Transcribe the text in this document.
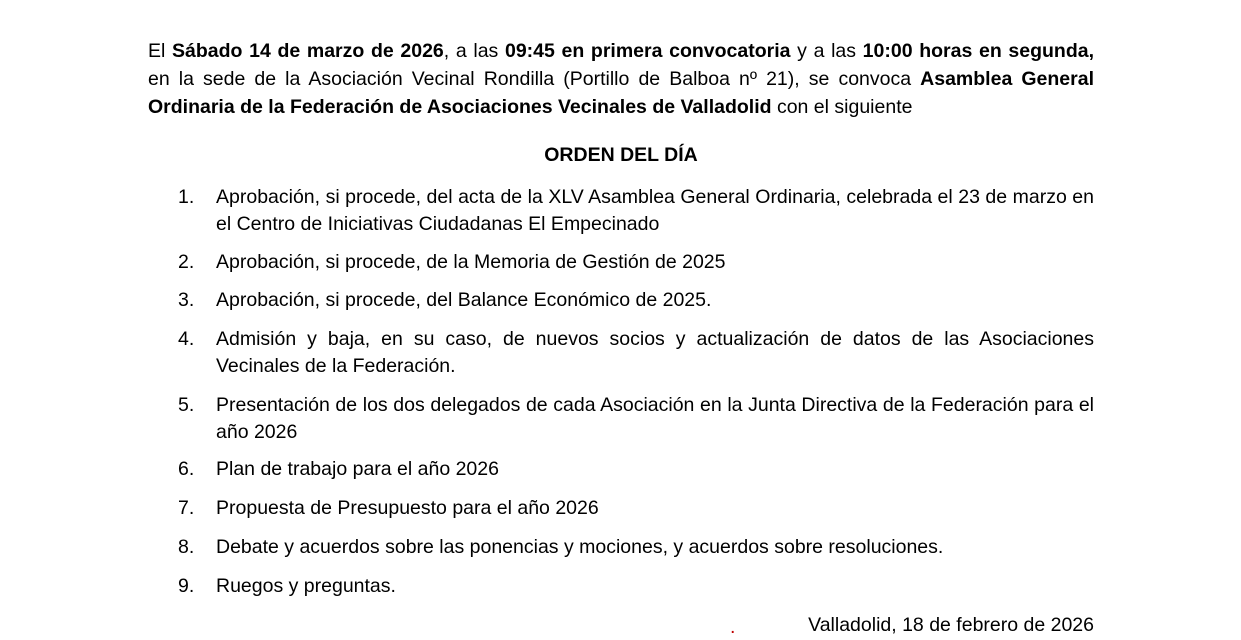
El Sábado 14 de marzo de 2026, a las 09:45 en primera convocatoria y a las 10:00 horas en segunda, en la sede de la Asociación Vecinal Rondilla (Portillo de Balboa nº 21), se convoca Asamblea General Ordinaria de la Federación de Asociaciones Vecinales de Valladolid con el siguiente

ORDEN DEL DÍA

1.	Aprobación, si procede, del acta de la XLV Asamblea General Ordinaria, celebrada el 23 de marzo en el Centro de Iniciativas Ciudadanas El Empecinado
2.	Aprobación, si procede, de la Memoria de Gestión de 2025
3.	Aprobación, si procede, del Balance Económico de 2025.
4.	Admisión y baja, en su caso, de nuevos socios y actualización de datos de las Asociaciones Vecinales de la Federación.
5.	Presentación de los dos delegados de cada Asociación en la Junta Directiva de la Federación para el año 2026
6.	Plan de trabajo para el año 2026
7.	Propuesta de Presupuesto para el año 2026
8.	Debate y acuerdos sobre las ponencias y mociones, y acuerdos sobre resoluciones.
9.	Ruegos y preguntas.
.	Valladolid, 18 de febrero de 2026
